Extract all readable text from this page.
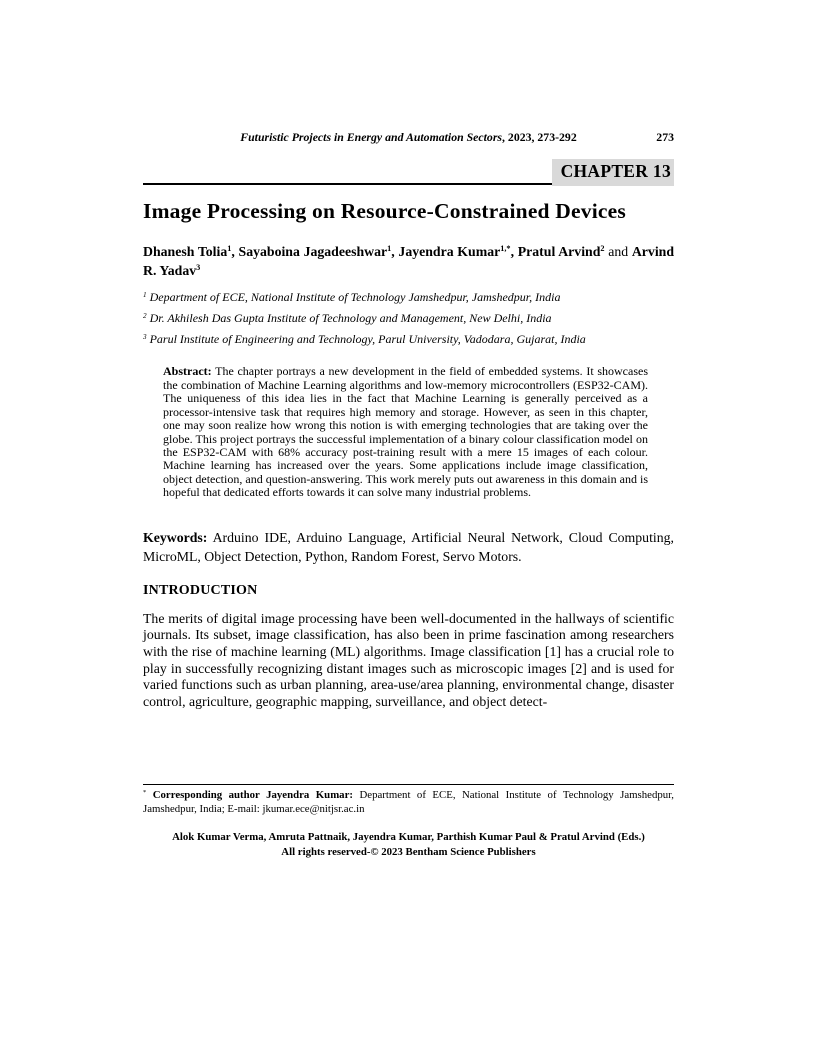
Futuristic Projects in Energy and Automation Sectors, 2023, 273-292	273
CHAPTER 13
Image Processing on Resource-Constrained Devices

Dhanesh Tolia$^1$, Sayaboina Jagadeeshwar$^1$, Jayendra Kumar$^{1,*}$, Pratul Arvind$^2$ and Arvind R. Yadav$^3$

$^1$ Department of ECE, National Institute of Technology Jamshedpur, Jamshedpur, India

$^2$ Dr. Akhilesh Das Gupta Institute of Technology and Management, New Delhi, India

$^3$ Parul Institute of Engineering and Technology, Parul University, Vadodara, Gujarat, India

Abstract: The chapter portrays a new development in the field of embedded systems. It showcases the combination of Machine Learning algorithms and low-memory microcontrollers (ESP32-CAM). The uniqueness of this idea lies in the fact that Machine Learning is generally perceived as a processor-intensive task that requires high memory and storage. However, as seen in this chapter, one may soon realize how wrong this notion is with emerging technologies that are taking over the globe. This project portrays the successful implementation of a binary colour classification model on the ESP32-CAM with 68% accuracy post-training result with a mere 15 images of each colour. Machine learning has increased over the years. Some applications include image classification, object detection, and question-answering. This work merely puts out awareness in this domain and is hopeful that dedicated efforts towards it can solve many industrial problems.

Keywords: Arduino IDE, Arduino Language, Artificial Neural Network, Cloud Computing, MicroML, Object Detection, Python, Random Forest, Servo Motors.

INTRODUCTION

The merits of digital image processing have been well-documented in the hallways of scientific journals. Its subset, image classification, has also been in prime fascination among researchers with the rise of machine learning (ML) algorithms. Image classification [1] has a crucial role to play in successfully recognizing distant images such as microscopic images [2] and is used for varied functions such as urban planning, area-use/area planning, environmental change, disaster control, agriculture, geographic mapping, surveillance, and object detect-

* Corresponding author Jayendra Kumar: Department of ECE, National Institute of Technology Jamshedpur, Jamshedpur, India; E-mail: jkumar.ece@nitjsr.ac.in

Alok Kumar Verma, Amruta Pattnaik, Jayendra Kumar, Parthish Kumar Paul & Pratul Arvind (Eds.)
All rights reserved-© 2023 Bentham Science Publishers
